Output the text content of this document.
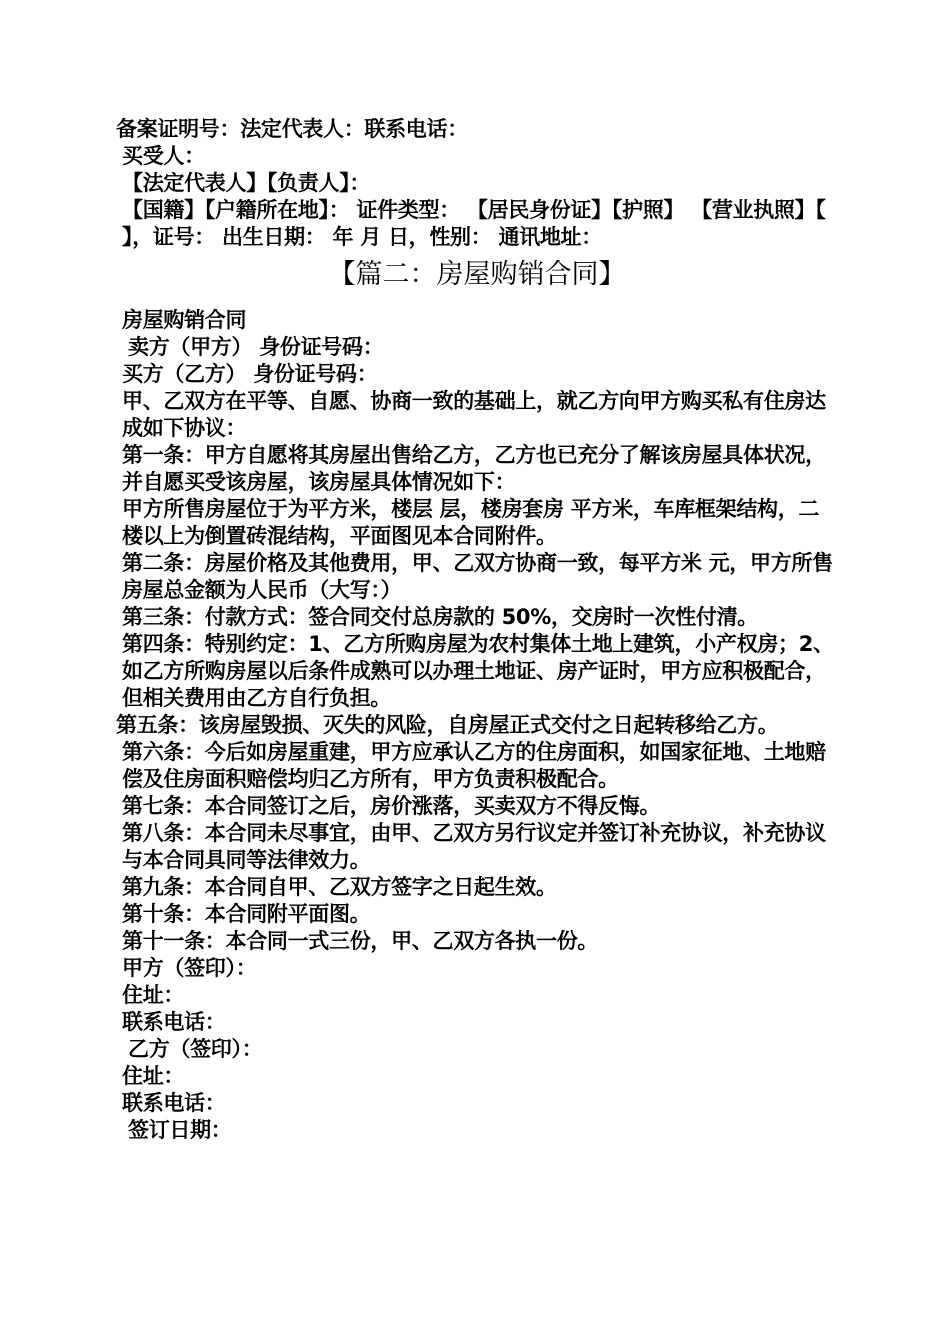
备案证明号：法定代表人：联系电话：

买受人：

【法定代表人】【负责人】：

【国籍】【户籍所在地】： 证件类型： 【居民身份证】【护照】 【营业执照】【 】，证号： 出生日期： 年 月 日，性别： 通讯地址：

【篇二：房屋购销合同】

房屋购销合同

卖方（甲方） 身份证号码：

买方（乙方） 身份证号码：

甲、乙双方在平等、自愿、协商一致的基础上，就乙方向甲方购买私有住房达成如下协议：

第一条：甲方自愿将其房屋出售给乙方，乙方也已充分了解该房屋具体状况，并自愿买受该房屋，该房屋具体情况如下：

甲方所售房屋位于为平方米，楼层 层，楼房套房 平方米，车库框架结构，二楼以上为倒置砖混结构，平面图见本合同附件。

第二条：房屋价格及其他费用，甲、乙双方协商一致，每平方米 元，甲方所售房屋总金额为人民币（大写：）

第三条：付款方式：签合同交付总房款的 50%，交房时一次性付清。

第四条：特别约定：1、乙方所购房屋为农村集体土地上建筑，小产权房；2、如乙方所购房屋以后条件成熟可以办理土地证、房产证时，甲方应积极配合，但相关费用由乙方自行负担。

第五条：该房屋毁损、灭失的风险，自房屋正式交付之日起转移给乙方。

第六条：今后如房屋重建，甲方应承认乙方的住房面积，如国家征地、土地赔偿及住房面积赔偿均归乙方所有，甲方负责积极配合。

第七条：本合同签订之后，房价涨落，买卖双方不得反悔。

第八条：本合同未尽事宜，由甲、乙双方另行议定并签订补充协议，补充协议与本合同具同等法律效力。

第九条：本合同自甲、乙双方签字之日起生效。

第十条：本合同附平面图。

第十一条：本合同一式三份，甲、乙双方各执一份。

甲方（签印）：

住址：

联系电话：

乙方（签印）：

住址：

联系电话：

签订日期：
